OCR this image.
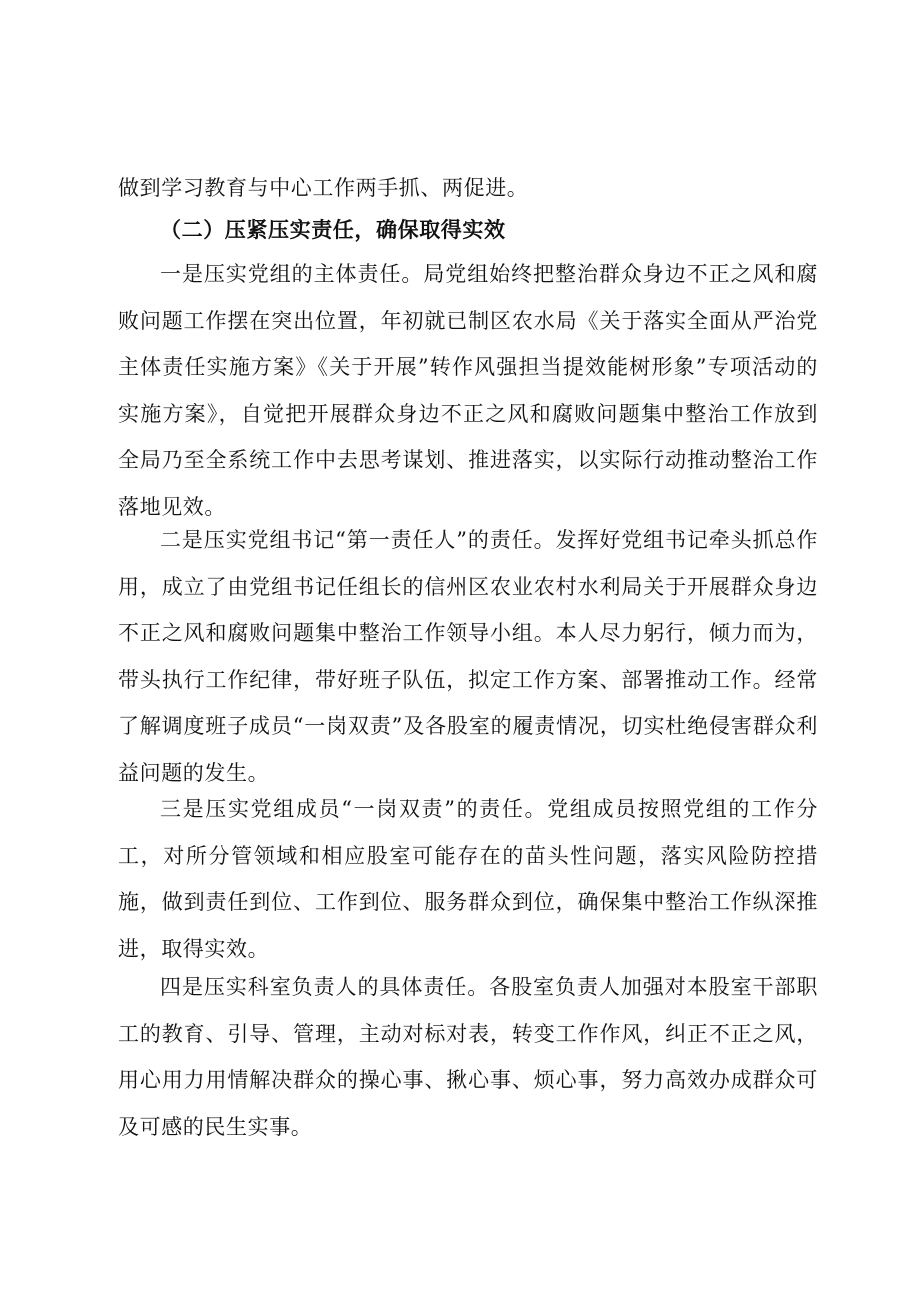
做到学习教育与中心工作两手抓、两促进。
（二）压紧压实责任，确保取得实效
一是压实党组的主体责任。局党组始终把整治群众身边不正之风和腐败问题工作摆在突出位置，年初就已制区农水局《关于落实全面从严治党主体责任实施方案》《关于开展”转作风强担当提效能树形象”专项活动的实施方案》，自觉把开展群众身边不正之风和腐败问题集中整治工作放到全局乃至全系统工作中去思考谋划、推进落实，以实际行动推动整治工作落地见效。
二是压实党组书记“第一责任人”的责任。发挥好党组书记牵头抓总作用，成立了由党组书记任组长的信州区农业农村水利局关于开展群众身边不正之风和腐败问题集中整治工作领导小组。本人尽力躬行，倾力而为，带头执行工作纪律，带好班子队伍，拟定工作方案、部署推动工作。经常了解调度班子成员“一岗双责”及各股室的履责情况，切实杜绝侵害群众利益问题的发生。
三是压实党组成员“一岗双责”的责任。党组成员按照党组的工作分工，对所分管领域和相应股室可能存在的苗头性问题，落实风险防控措施，做到责任到位、工作到位、服务群众到位，确保集中整治工作纵深推进，取得实效。
四是压实科室负责人的具体责任。各股室负责人加强对本股室干部职工的教育、引导、管理，主动对标对表，转变工作作风，纠正不正之风，用心用力用情解决群众的操心事、揪心事、烦心事，努力高效办成群众可及可感的民生实事。
